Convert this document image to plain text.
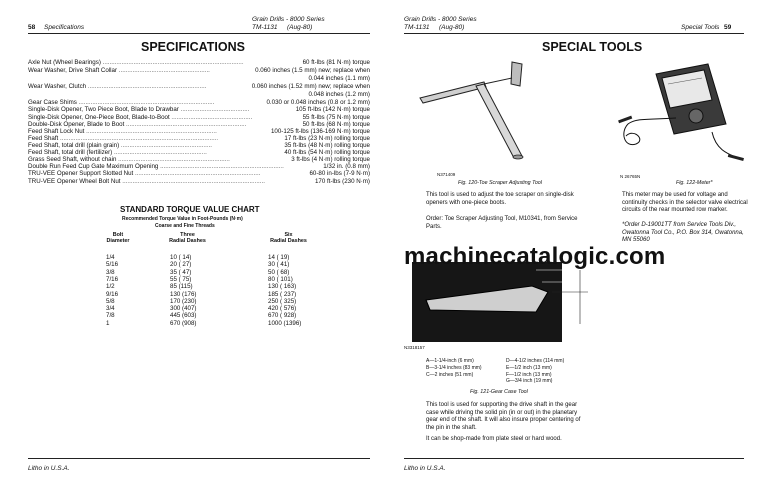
58 Specifications
Grain Drills - 8000 Series
TM-1131 (Aug-80)
SPECIFICATIONS
Axle Nut (Wheel Bearings) ..................................................................................	60 ft-lbs (81 N·m) torque
Wear Washer, Drive Shaft Collar .....................................................	0.060 inches (1.5 mm) new; replace when
0.044 inches (1.1 mm)
Wear Washer, Clutch .....................................................................	0.060 inches (1.52 mm) new; replace when
0.048 inches (1.2 mm)
Gear Case Shims ...............................................................................	0.030 or 0.048 inches (0.8 or 1.2 mm)
Single-Disk Opener, Two Piece Boot, Blade to Drawbar ........................................	105 ft-lbs (142 N·m) torque
Single-Disk Opener, One-Piece Boot, Blade-to-Boot ...............................................	55 ft-lbs (75 N·m) torque
Double-Disk Opener, Blade to Boot ......................................................................	50 ft-lbs (68 N·m) torque
Feed Shaft Lock Nut ............................................................................	100-125 ft-lbs (136-169 N·m) torque
Feed Shaft ............................................................................................	17 ft-lbs (23 N·m) rolling torque
Feed Shaft, total drill (plain grain) .....................................................	35 ft-lbs (48 N·m) rolling torque
Feed Shaft, total drill (fertilizer) ......................................................	40 ft-lbs (54 N·m) rolling torque
Grass Seed Shaft, without chain .................................................................	3 ft-lbs (4 N·m) rolling torque
Double Run Feed Cup Gate Maximum Opening ........................................................................	1/32 in. (0.8 mm)
TRU-VEE Opener Support Slotted Nut .........................................................................	60-80 in-lbs (7-9 N·m)
TRU-VEE Opener Wheel Bolt Nut ...................................................................................	170 ft-lbs (230 N·m)
STANDARD TORQUE VALUE CHART
Recommended Torque Value in Foot-Pounds (N·m)
Coarse and Fine Threads
Bolt
Diameter
Three
Radial Dashes
Six
Radial Dashes
1/4	10 ( 14)	14 ( 19)
5/16	20 ( 27)	30 ( 41)
3/8	35 ( 47)	50 ( 68)
7/16	55 ( 75)	80 ( 101)
1/2	85 (115)	130 ( 163)
9/16	130 (176)	185 ( 237)
5/8	170 (230)	250 ( 325)
3/4	300 (407)	420 ( 576)
7/8	445 (603)	670 ( 928)
1	670 (908)	1000 (1396)
Litho in U.S.A.
Grain Drills - 8000 Series
TM-1131 (Aug-80)	Special Tools 59
SPECIAL TOOLS
N371409	N 26765N
Fig. 120-Toe Scraper Adjusting Tool	Fig. 122-Meter*
This tool is used to adjust the toe scraper on single-disk openers with one-piece boots.
Order: Toe Scraper Adjusting Tool, M10341, from Service Parts.
This meter may be used for voltage and continuity checks in the selector valve electrical circuits of the rear mounted row marker.
*Order D-19001TT from Service Tools Div., Owatonna Tool Co., P.O. Box 314, Owatonna, MN 55060
N3318157
A—1-1/4-inch (6 mm)
B—3-1/4 inches (83 mm)
C—2 inches (51 mm)
D—4-1/2 inches (114 mm)
E—1/2 inch (13 mm)
F—1/2 inch (13 mm)
G—3/4 inch (19 mm)
Fig. 121-Gear Case Tool
This tool is used for supporting the drive shaft in the gear case while driving the solid pin (in or out) in the planetary gear end of the shaft. It will also insure proper centering of the pin in the shaft.
It can be shop-made from plate steel or hard wood.
Litho in U.S.A.
machinecatalogic.com
